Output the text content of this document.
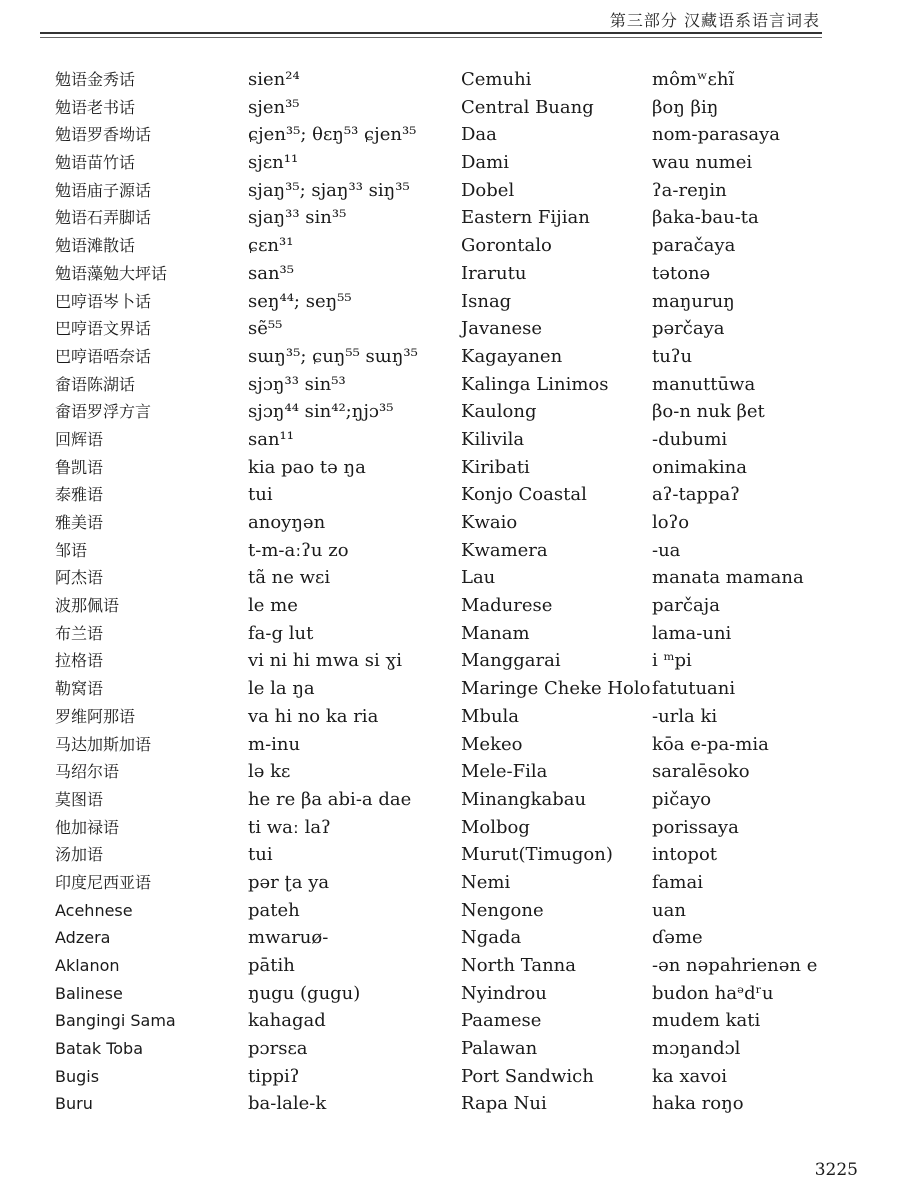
第三部分 汉藏语系语言词表
勉语金秀话
勉语老书话
勉语罗香坳话
勉语苗竹话
勉语庙子源话
勉语石弄脚话
勉语滩散话
勉语藻勉大坪话
巴哼语岑卜话
巴哼语文界话
巴哼语唔奈话
畲语陈湖话
畲语罗浮方言
回辉语
鲁凯语
泰雅语
雅美语
邹语
阿杰语
波那佩语
布兰语
拉格语
勒窝语
罗维阿那语
马达加斯加语
马绍尔语
莫图语
他加禄语
汤加语
印度尼西亚语
Acehnese
Adzera
Aklanon
Balinese
Bangingi Sama
Batak Toba
Bugis
Buru
sien²⁴
sjen³⁵
ɕjen³⁵; θɛŋ⁵³ ɕjen³⁵
sjɛn¹¹
sjaŋ³⁵; sjaŋ³³ siŋ³⁵
sjaŋ³³ sin³⁵
ɕɛn³¹
san³⁵
seŋ⁴⁴; seŋ⁵⁵
sẽ⁵⁵
sɯŋ³⁵; ɕuŋ⁵⁵ sɯŋ³⁵
sjɔŋ³³ sin⁵³
sjɔŋ⁴⁴ sin⁴²;ŋjɔ³⁵
san¹¹
kia pao tə ŋa
tui
anoyŋən
t-m-aːʔu zo
tã ne wɛi
le me
fa-g lut
vi ni hi mwa si ɣi
le la ŋa
va hi no ka ria
m-inu
lə kɛ
he re βa abi-a dae
ti waː laʔ
tui
pər ʈa ya
pateh
mwaruø-
pātih
ŋugu (gugu)
kahagad
pɔrsɛa
tippiʔ
ba-lale-k
Cemuhi
Central Buang
Daa
Dami
Dobel
Eastern Fijian
Gorontalo
Irarutu
Isnag
Javanese
Kagayanen
Kalinga Linimos
Kaulong
Kilivila
Kiribati
Konjo Coastal
Kwaio
Kwamera
Lau
Madurese
Manam
Manggarai
Maringe Cheke Holo
Mbula
Mekeo
Mele-Fila
Minangkabau
Molbog
Murut(Timugon)
Nemi
Nengone
Ngada
North Tanna
Nyindrou
Paamese
Palawan
Port Sandwich
Rapa Nui
mômʷɛhĩ
βoŋ βiŋ
nom-parasaya
wau numei
ʔa-reŋin
βaka-bau-ta
paračaya
tətonə
maŋuruŋ
pərčaya
tuʔu
manuttūwa
βo-n nuk βet
-dubumi
onimakina
aʔ-tappaʔ
loʔo
-ua
manata mamana
parčaja
lama-uni
i ᵐpi
fatutuani
-urla ki
kōa e-pa-mia
saralēsoko
pičayo
porissaya
intopot
famai
uan
ɗəme
-ən nəpahrienən e
budon haᵊdʳu
mudem kati
mɔŋandɔl
ka xavoi
haka roŋo
3225
